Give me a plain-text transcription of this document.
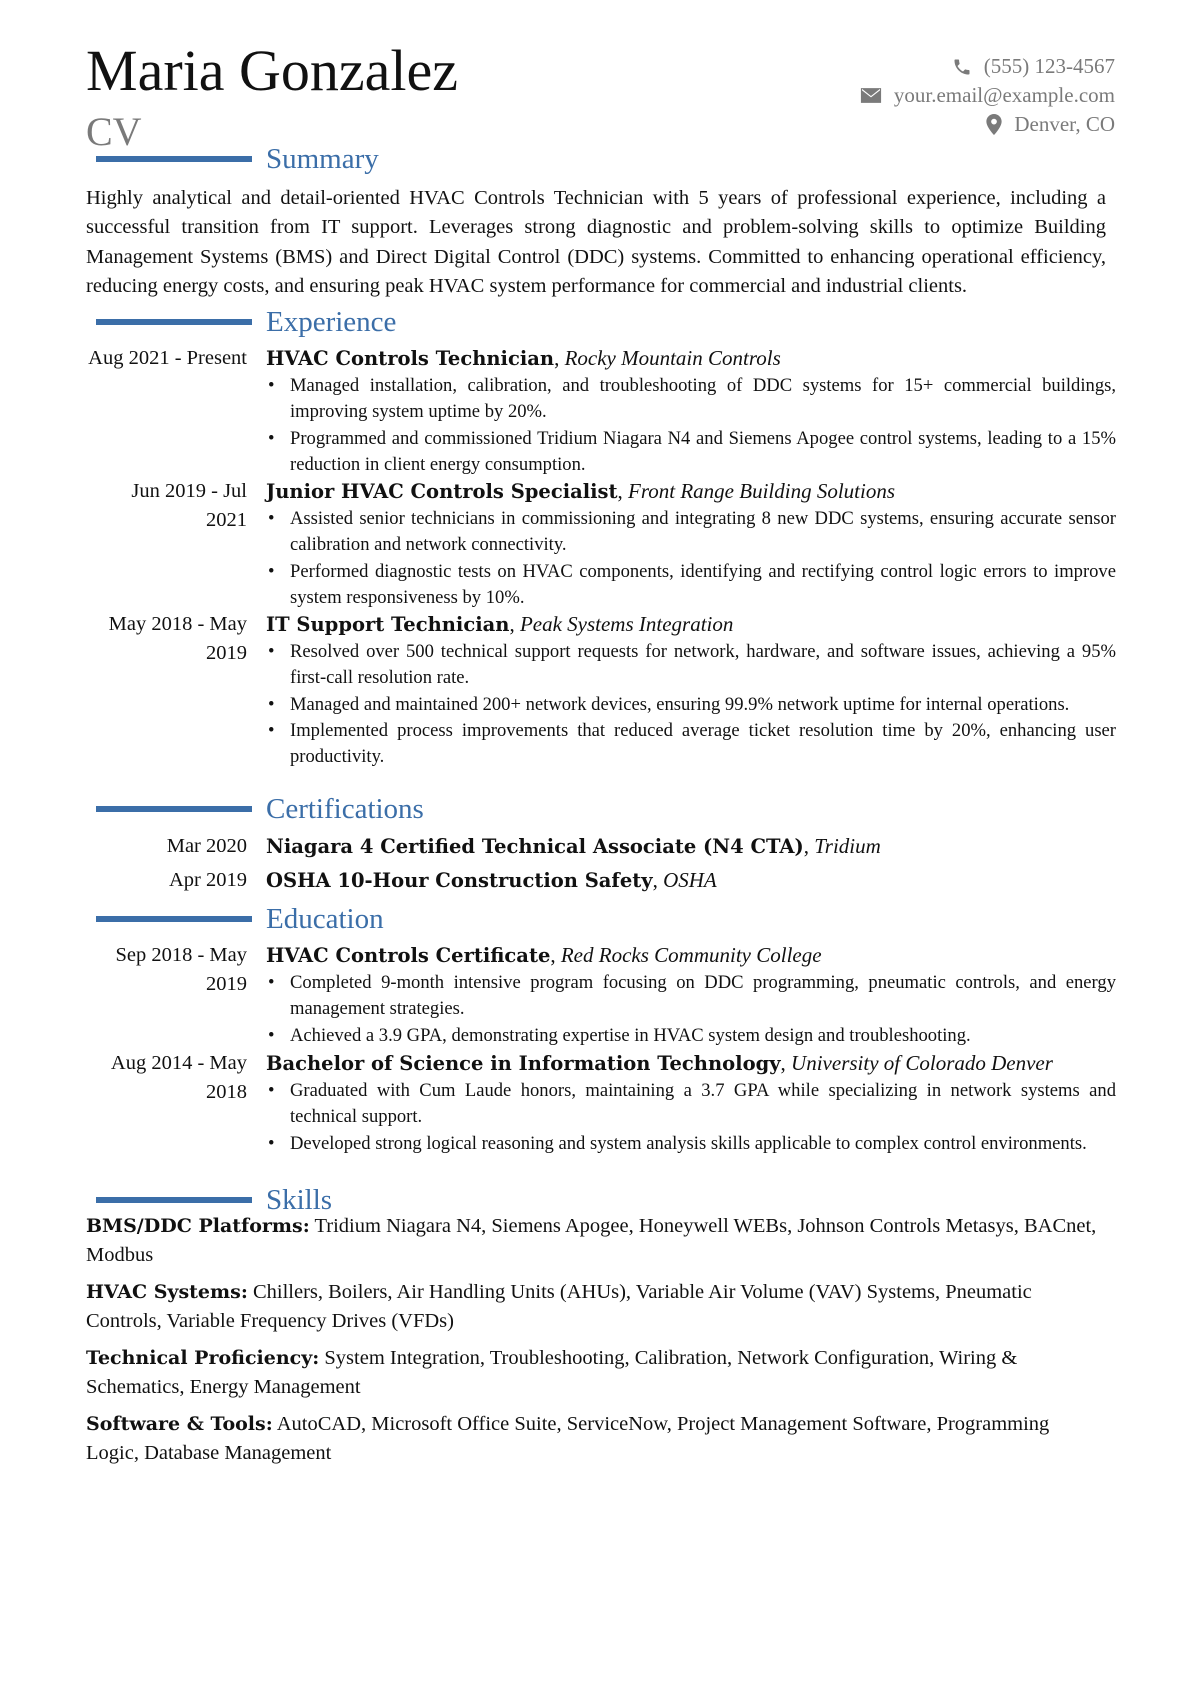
Maria Gonzalez
CV
(555) 123-4567
your.email@example.com
Denver, CO
Summary
Highly analytical and detail-oriented HVAC Controls Technician with 5 years of professional experience, including a successful transition from IT support. Leverages strong diagnostic and problem-solving skills to optimize Building Management Systems (BMS) and Direct Digital Control (DDC) systems. Committed to enhancing operational efficiency, reducing energy costs, and ensuring peak HVAC system performance for commercial and industrial clients.
Experience
Aug 2021 - Present HVAC Controls Technician, Rocky Mountain Controls
• Managed installation, calibration, and troubleshooting of DDC systems for 15+ commercial buildings, improving system uptime by 20%.
• Programmed and commissioned Tridium Niagara N4 and Siemens Apogee control systems, leading to a 15% reduction in client energy consumption.
Jun 2019 - Jul 2021
Junior HVAC Controls Specialist, Front Range Building Solutions
• Assisted senior technicians in commissioning and integrating 8 new DDC systems, ensuring accurate sensor calibration and network connectivity.
• Performed diagnostic tests on HVAC components, identifying and rectifying control logic errors to improve system responsiveness by 10%.
May 2018 - May 2019
IT Support Technician, Peak Systems Integration
• Resolved over 500 technical support requests for network, hardware, and software issues, achieving a 95% first-call resolution rate.
• Managed and maintained 200+ network devices, ensuring 99.9% network uptime for internal operations.
• Implemented process improvements that reduced average ticket resolution time by 20%, enhancing user productivity.
Certifications
Mar 2020 Niagara 4 Certified Technical Associate (N4 CTA), Tridium
Apr 2019 OSHA 10-Hour Construction Safety, OSHA
Education
Sep 2018 - May 2019
HVAC Controls Certificate, Red Rocks Community College
• Completed 9-month intensive program focusing on DDC programming, pneumatic controls, and energy management strategies.
• Achieved a 3.9 GPA, demonstrating expertise in HVAC system design and troubleshooting.
Aug 2014 - May 2018
Bachelor of Science in Information Technology, University of Colorado Denver
• Graduated with Cum Laude honors, maintaining a 3.7 GPA while specializing in network systems and technical support.
• Developed strong logical reasoning and system analysis skills applicable to complex control environments.
Skills
BMS/DDC Platforms: Tridium Niagara N4, Siemens Apogee, Honeywell WEBs, Johnson Controls Metasys, BACnet, Modbus
HVAC Systems: Chillers, Boilers, Air Handling Units (AHUs), Variable Air Volume (VAV) Systems, Pneumatic Controls, Variable Frequency Drives (VFDs)
Technical Proficiency: System Integration, Troubleshooting, Calibration, Network Configuration, Wiring & Schematics, Energy Management
Software & Tools: AutoCAD, Microsoft Office Suite, ServiceNow, Project Management Software, Programming Logic, Database Management
